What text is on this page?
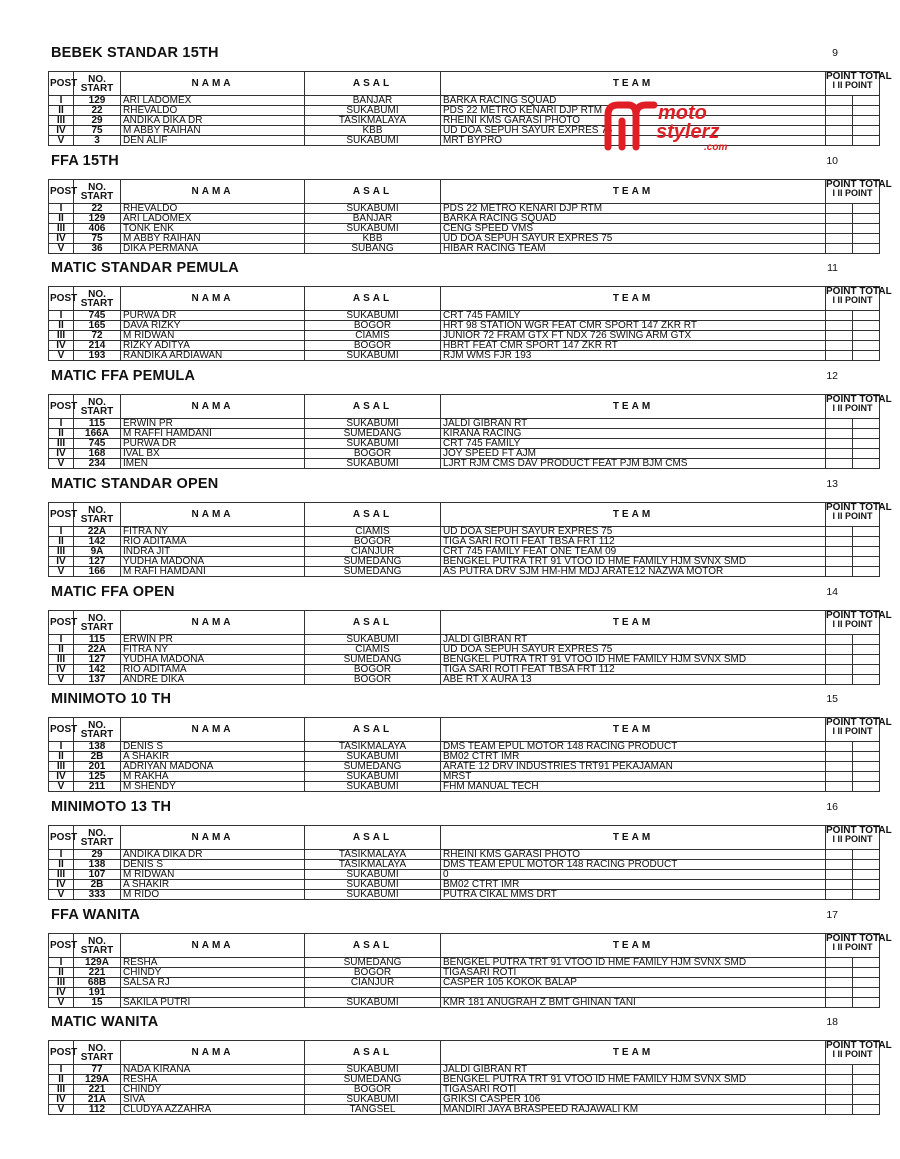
BEBEK STANDAR 15TH	9
POST	NO.
START	NAMA	ASAL	TEAM	POINT TOTAL
I II POINT	

I	129	ARI LADOMEX	BANJAR	BARKA RACING SQUAD		
II	22	RHEVALDO	SUKABUMI	PDS 22 METRO KENARI DJP RTM		
III	29	ANDIKA DIKA DR	TASIKMALAYA	RHEINI KMS GARASI PHOTO		
IV	75	M ABBY RAIHAN	KBB	UD DOA SEPUH SAYUR EXPRES 75		
V	3	DEN ALIF	SUKABUMI	MRT BYPRO		
FFA 15TH	10
POST	NO.
START	NAMA	ASAL	TEAM	POINT TOTAL
I II POINT	

I	22	RHEVALDO	SUKABUMI	PDS 22 METRO KENARI DJP RTM		
II	129	ARI LADOMEX	BANJAR	BARKA RACING SQUAD		
III	406	TONK ENK	SUKABUMI	CENG SPEED VMS		
IV	75	M ABBY RAIHAN	KBB	UD DOA SEPUH SAYUR EXPRES 75		
V	36	DIKA PERMANA	SUBANG	HIBAR RACING TEAM		
MATIC STANDAR PEMULA	11
POST	NO.
START	NAMA	ASAL	TEAM	POINT TOTAL
I II POINT	

I	745	PURWA DR	SUKABUMI	CRT 745 FAMILY		
II	165	DAVA RIZKY	BOGOR	HRT 98 STATION WGR FEAT CMR SPORT 147 ZKR RT		
III	72	M RIDWAN	CIAMIS	JUNIOR 72 FRAM GTX FT NDX 726 SWING ARM GTX		
IV	214	RIZKY ADITYA	BOGOR	HBRT FEAT CMR SPORT 147 ZKR RT		
V	193	RANDIKA ARDIAWAN	SUKABUMI	RJM WMS FJR 193		
MATIC FFA PEMULA	12
POST	NO.
START	NAMA	ASAL	TEAM	POINT TOTAL
I II POINT	

I	115	ERWIN PR	SUKABUMI	JALDI GIBRAN RT		
II	166A	M RAFFI HAMDANI	SUMEDANG	KIRANA RACING		
III	745	PURWA DR	SUKABUMI	CRT 745 FAMILY		
IV	168	IVAL BX	BOGOR	JOY SPEED FT AJM		
V	234	IMEN	SUKABUMI	LJRT RJM CMS DAV PRODUCT FEAT PJM BJM CMS		
MATIC STANDAR OPEN	13
POST	NO.
START	NAMA	ASAL	TEAM	POINT TOTAL
I II POINT	

I	22A	FITRA NY	CIAMIS	UD DOA SEPUH SAYUR EXPRES 75		
II	142	RIO ADITAMA	BOGOR	TIGA SARI ROTI FEAT TBSA FRT 112		
III	9A	INDRA JIT	CIANJUR	CRT 745 FAMILY FEAT ONE TEAM 09		
IV	127	YUDHA MADONA	SUMEDANG	BENGKEL PUTRA TRT 91 VTOO ID HME FAMILY HJM SVNX SMD		
V	166	M RAFI HAMDANI	SUMEDANG	AS PUTRA DRV SJM HM-HM MDJ ARATE12 NAZWA MOTOR		
MATIC FFA OPEN	14
POST	NO.
START	NAMA	ASAL	TEAM	POINT TOTAL
I II POINT	

I	115	ERWIN PR	SUKABUMI	JALDI GIBRAN RT		
II	22A	FITRA NY	CIAMIS	UD DOA SEPUH SAYUR EXPRES 75		
III	127	YUDHA MADONA	SUMEDANG	BENGKEL PUTRA TRT 91 VTOO ID HME FAMILY HJM SVNX SMD		
IV	142	RIO ADITAMA	BOGOR	TIGA SARI ROTI FEAT TBSA FRT 112		
V	137	ANDRE DIKA	BOGOR	ABE RT X AURA 13		
MINIMOTO 10 TH	15
POST	NO.
START	NAMA	ASAL	TEAM	POINT TOTAL
I II POINT	

I	138	DENIS S	TASIKMALAYA	DMS TEAM EPUL MOTOR 148 RACING PRODUCT		
II	2B	A SHAKIR	SUKABUMI	BM02 CTRT IMR		
III	201	ADRIYAN MADONA	SUMEDANG	ARATE 12 DRV INDUSTRIES TRT91 PEKAJAMAN		
IV	125	M RAKHA	SUKABUMI	MRST		
V	211	M SHENDY	SUKABUMI	FHM MANUAL TECH		
MINIMOTO 13 TH	16
POST	NO.
START	NAMA	ASAL	TEAM	POINT TOTAL
I II POINT	

I	29	ANDIKA DIKA DR	TASIKMALAYA	RHEINI KMS GARASI PHOTO		
II	138	DENIS S	TASIKMALAYA	DMS TEAM EPUL MOTOR 148 RACING PRODUCT		
III	107	M RIDWAN	SUKABUMI	0		
IV	2B	A SHAKIR	SUKABUMI	BM02 CTRT IMR		
V	333	M RIDO	SUKABUMI	PUTRA CIKAL MMS DRT		
FFA WANITA	17
POST	NO.
START	NAMA	ASAL	TEAM	POINT TOTAL
I II POINT	

I	129A	RESHA	SUMEDANG	BENGKEL PUTRA TRT 91 VTOO ID HME FAMILY HJM SVNX SMD		
II	221	CHINDY	BOGOR	TIGASARI ROTI		
III	68B	SALSA RJ	CIANJUR	CASPER 105 KOKOK BALAP		
IV	191					
V	15	SAKILA PUTRI	SUKABUMI	KMR 181 ANUGRAH Z BMT GHINAN TANI		
MATIC WANITA	18
POST	NO.
START	NAMA	ASAL	TEAM	POINT TOTAL
I II POINT	

I	77	NADA KIRANA	SUKABUMI	JALDI GIBRAN RT		
II	129A	RESHA	SUMEDANG	BENGKEL PUTRA TRT 91 VTOO ID HME FAMILY HJM SVNX SMD		
III	221	CHINDY	BOGOR	TIGASARI ROTI		
IV	21A	SIVA	SUKABUMI	GRIKSI CASPER 106		
V	112	CLUDYA AZZAHRA	TANGSEL	MANDIRI JAYA BRASPEED RAJAWALI KM		
moto
stylerz
.com
